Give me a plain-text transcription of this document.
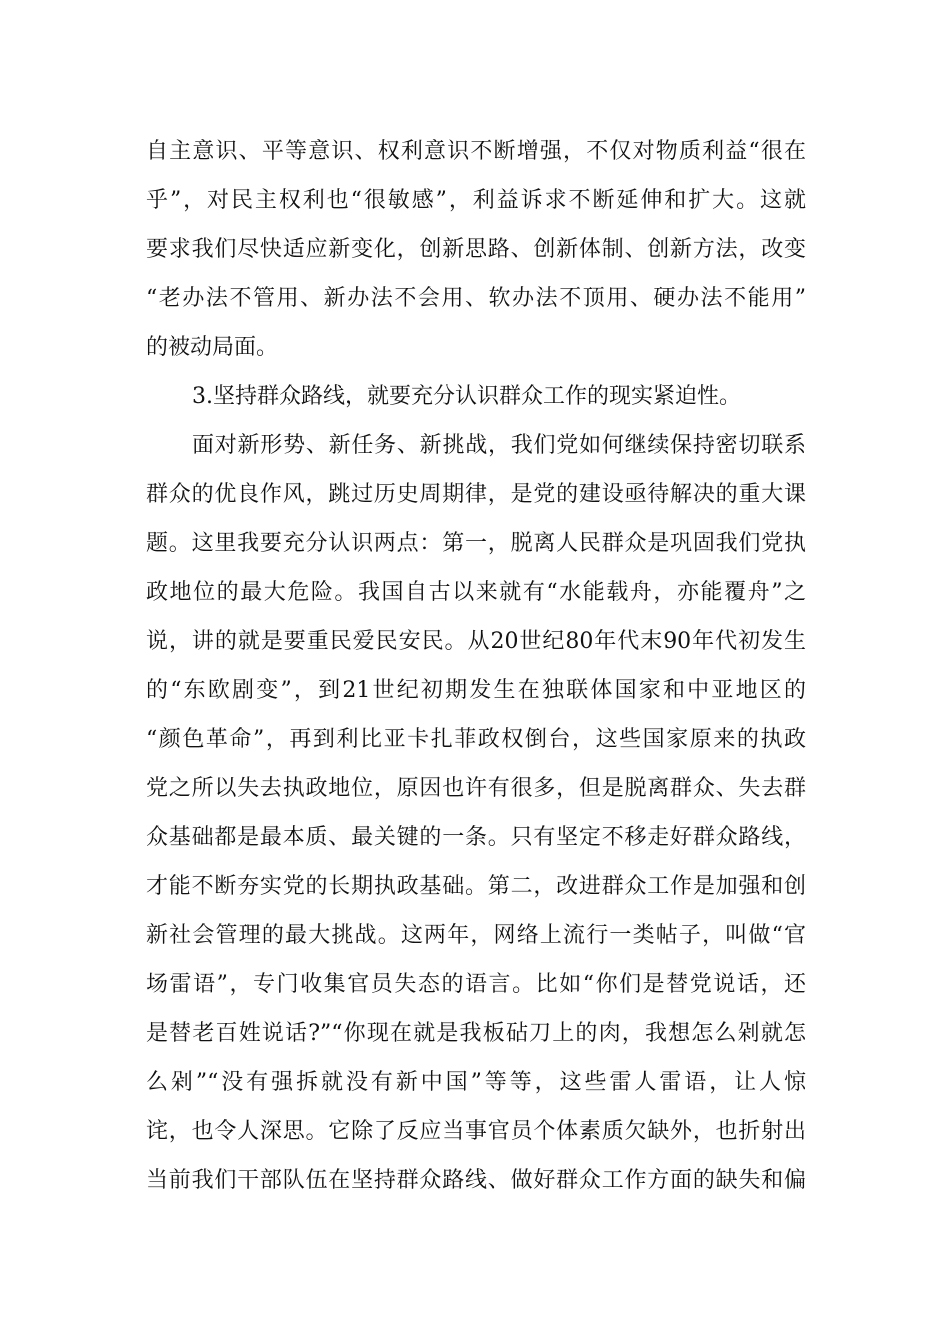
自主意识、平等意识、权利意识不断增强，不仅对物质利益“很在
乎”，对民主权利也“很敏感”，利益诉求不断延伸和扩大。这就
要求我们尽快适应新变化，创新思路、创新体制、创新方法，改变
“老办法不管用、新办法不会用、软办法不顶用、硬办法不能用”
的被动局面。
3.坚持群众路线，就要充分认识群众工作的现实紧迫性。
面对新形势、新任务、新挑战，我们党如何继续保持密切联系
群众的优良作风，跳过历史周期律，是党的建设亟待解决的重大课
题。这里我要充分认识两点：第一，脱离人民群众是巩固我们党执
政地位的最大危险。我国自古以来就有“水能载舟，亦能覆舟”之
说，讲的就是要重民爱民安民。从20世纪80年代末90年代初发生
的“东欧剧变”，到21世纪初期发生在独联体国家和中亚地区的
“颜色革命”，再到利比亚卡扎菲政权倒台，这些国家原来的执政
党之所以失去执政地位，原因也许有很多，但是脱离群众、失去群
众基础都是最本质、最关键的一条。只有坚定不移走好群众路线，
才能不断夯实党的长期执政基础。第二，改进群众工作是加强和创
新社会管理的最大挑战。这两年，网络上流行一类帖子，叫做“官
场雷语”，专门收集官员失态的语言。比如“你们是替党说话，还
是替老百姓说话?”“你现在就是我板砧刀上的肉，我想怎么剁就怎
么剁”“没有强拆就没有新中国”等等，这些雷人雷语，让人惊
诧，也令人深思。它除了反应当事官员个体素质欠缺外，也折射出
当前我们干部队伍在坚持群众路线、做好群众工作方面的缺失和偏
